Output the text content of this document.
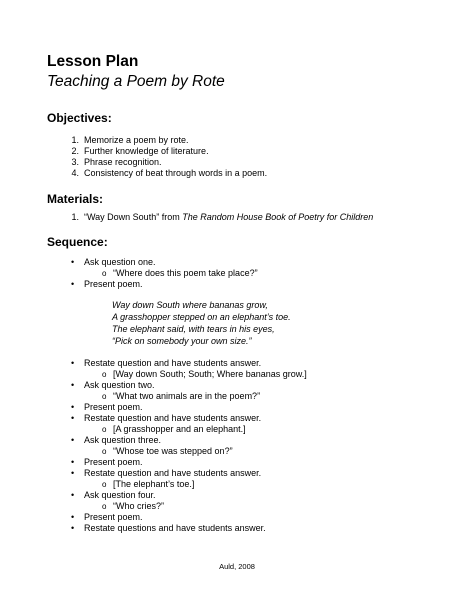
Lesson Plan
Teaching a Poem by Rote
Objectives:
1. Memorize a poem by rote.
2. Further knowledge of literature.
3. Phrase recognition.
4. Consistency of beat through words in a poem.
Materials:
1. “Way Down South” from The Random House Book of Poetry for Children
Sequence:
• Ask question one.
o “Where does this poem take place?”
• Present poem.
Way down South where bananas grow,
A grasshopper stepped on an elephant’s toe.
The elephant said, with tears in his eyes,
“Pick on somebody your own size.”
• Restate question and have students answer.
o [Way down South; South; Where bananas grow.]
• Ask question two.
o “What two animals are in the poem?”
• Present poem.
• Restate question and have students answer.
o [A grasshopper and an elephant.]
• Ask question three.
o “Whose toe was stepped on?”
• Present poem.
• Restate question and have students answer.
o [The elephant’s toe.]
• Ask question four.
o “Who cries?”
• Present poem.
• Restate questions and have students answer.
Auld, 2008
